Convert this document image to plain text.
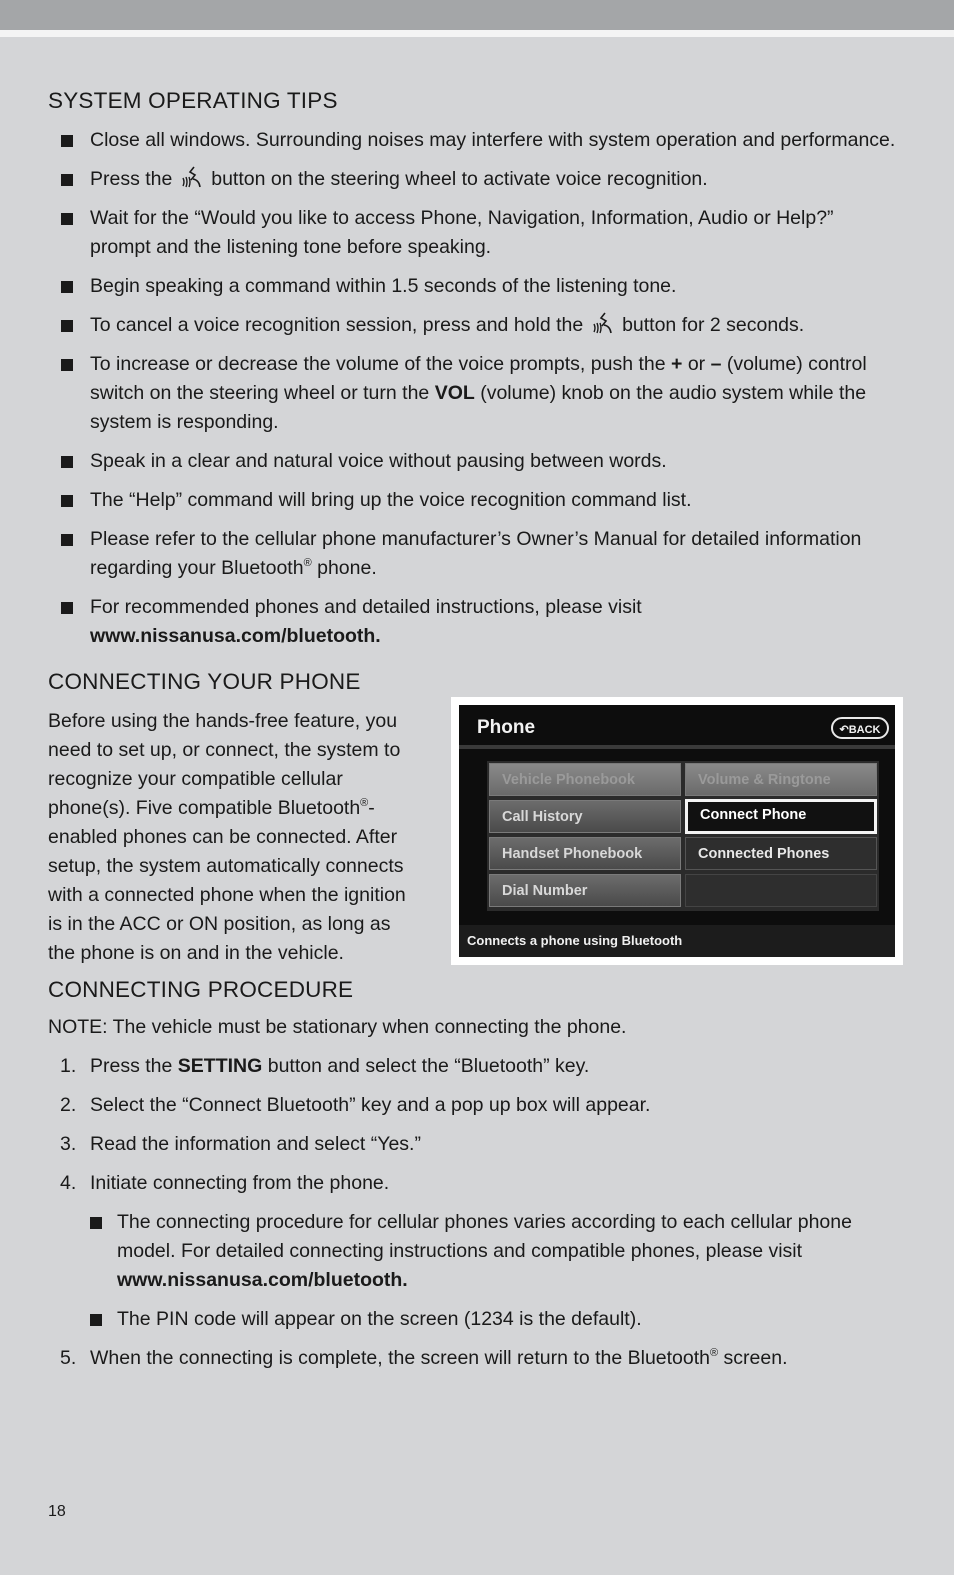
SYSTEM OPERATING TIPS
Close all windows. Surrounding noises may interfere with system operation and performance.
Press the button on the steering wheel to activate voice recognition.
Wait for the “Would you like to access Phone, Navigation, Information, Audio or Help?” prompt and the listening tone before speaking.
Begin speaking a command within 1.5 seconds of the listening tone.
To cancel a voice recognition session, press and hold the button for 2 seconds.
To increase or decrease the volume of the voice prompts, push the + or – (volume) control switch on the steering wheel or turn the VOL (volume) knob on the audio system while the system is responding.
Speak in a clear and natural voice without pausing between words.
The “Help” command will bring up the voice recognition command list.
Please refer to the cellular phone manufacturer’s Owner’s Manual for detailed information regarding your Bluetooth® phone.
For recommended phones and detailed instructions, please visit
www.nissanusa.com/bluetooth.
CONNECTING YOUR PHONE

Before using the hands-free feature, you need to set up, or connect, the system to recognize your compatible cellular phone(s). Five compatible Bluetooth®-enabled phones can be connected. After setup, the system automatically connects with a connected phone when the ignition is in the ACC or ON position, as long as the phone is on and in the vehicle.

Phone	↶BACK
Vehicle Phonebook	Volume & Ringtone
Call History	Connect Phone
Handset Phonebook	Connected Phones
Dial Number
Connects a phone using Bluetooth
CONNECTING PROCEDURE

NOTE: The vehicle must be stationary when connecting the phone.

1. Press the SETTING button and select the “Bluetooth” key.
2. Select the “Connect Bluetooth” key and a pop up box will appear.
3. Read the information and select “Yes.”
4. Initiate connecting from the phone.
The connecting procedure for cellular phones varies according to each cellular phone model. For detailed connecting instructions and compatible phones, please visit
www.nissanusa.com/bluetooth.
The PIN code will appear on the screen (1234 is the default).
5. When the connecting is complete, the screen will return to the Bluetooth® screen.
18
